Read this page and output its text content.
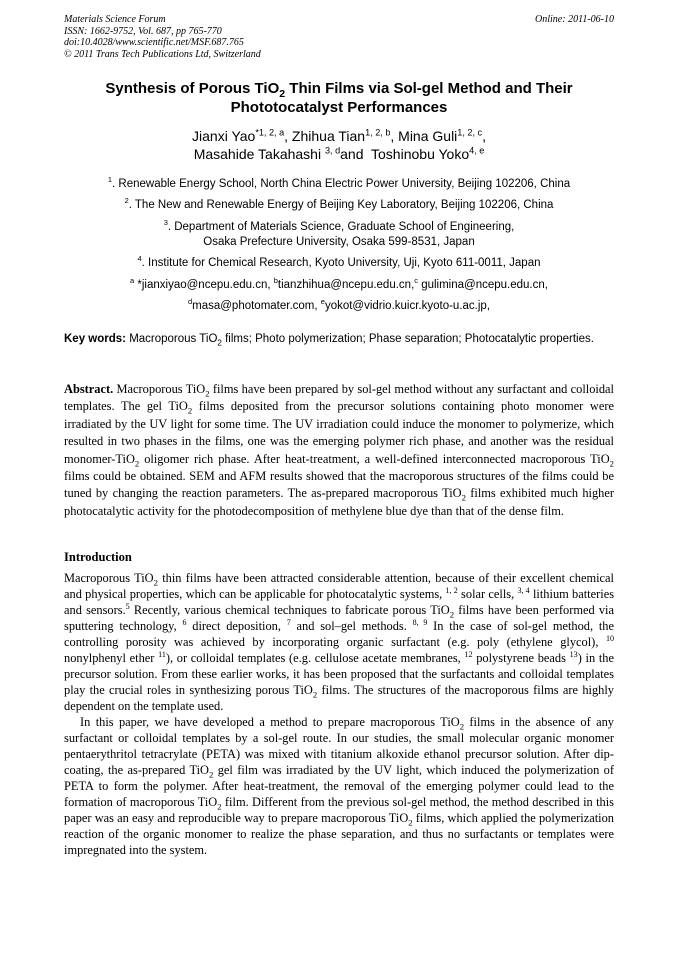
Materials Science Forum
ISSN: 1662-9752, Vol. 687, pp 765-770
doi:10.4028/www.scientific.net/MSF.687.765
© 2011 Trans Tech Publications Ltd, Switzerland
Online: 2011-06-10
Synthesis of Porous TiO$_2$ Thin Films via Sol-gel Method and Their Phototocatalyst Performances
Jianxi Yao$^{*1, 2, a}$, Zhihua Tian$^{1, 2, b}$, Mina Guli$^{1, 2, c}$,
Masahide Takahashi $^{3, d}$and  Toshinobu Yoko$^{4, e}$
$^1$. Renewable Energy School, North China Electric Power University, Beijing 102206, China
$^2$. The New and Renewable Energy of Beijing Key Laboratory, Beijing 102206, China
$^3$. Department of Materials Science, Graduate School of Engineering,
Osaka Prefecture University, Osaka 599-8531, Japan
$^4$. Institute for Chemical Research, Kyoto University, Uji, Kyoto 611-0011, Japan
$^a$ *jianxiyao@ncepu.edu.cn, $^b$tianzhihua@ncepu.edu.cn,$^c$ gulimina@ncepu.edu.cn,
$^d$masa@photomater.com, $^e$yokot@vidrio.kuicr.kyoto-u.ac.jp,
Key words: Macroporous TiO$_2$ films; Photo polymerization; Phase separation; Photocatalytic properties.
Abstract. Macroporous TiO$_2$ films have been prepared by sol-gel method without any surfactant and colloidal templates. The gel TiO$_2$ films deposited from the precursor solutions containing photo monomer were irradiated by the UV light for some time. The UV irradiation could induce the monomer to polymerize, which resulted in two phases in the films, one was the emerging polymer rich phase, and another was the residual monomer-TiO$_2$ oligomer rich phase. After heat-treatment, a well-defined interconnected macroporous TiO$_2$ films could be obtained. SEM and AFM results showed that the macroporous structures of the films could be tuned by changing the reaction parameters. The as-prepared macroporous TiO$_2$ films exhibited much higher photocatalytic activity for the photodecomposition of methylene blue dye than that of the dense film.
Introduction
Macroporous TiO$_2$ thin films have been attracted considerable attention, because of their excellent chemical and physical properties, which can be applicable for photocatalytic systems, $^{1, 2}$ solar cells, $^{3, 4}$ lithium batteries and sensors.$^5$ Recently, various chemical techniques to fabricate porous TiO$_2$ films have been performed via sputtering technology, $^6$ direct deposition, $^7$ and sol–gel methods. $^{8, 9}$ In the case of sol-gel method, the controlling porosity was achieved by incorporating organic surfactant (e.g. poly (ethylene glycol), $^{10}$ nonylphenyl ether $^{11}$), or colloidal templates (e.g. cellulose acetate membranes, $^{12}$ polystyrene beads $^{13}$) in the precursor solution. From these earlier works, it has been proposed that the surfactants and colloidal templates play the crucial roles in synthesizing porous TiO$_2$ films. The structures of the macroporous films are highly dependent on the template used.
In this paper, we have developed a method to prepare macroporous TiO$_2$ films in the absence of any surfactant or colloidal templates by a sol-gel route. In our studies, the small molecular organic monomer pentaerythritol tetracrylate (PETA) was mixed with titanium alkoxide ethanol precursor solution. After dip-coating, the as-prepared TiO$_2$ gel film was irradiated by the UV light, which induced the polymerization of PETA to form the polymer. After heat-treatment, the removal of the emerging polymer could lead to the formation of macroporous TiO$_2$ film. Different from the previous sol-gel method, the method described in this paper was an easy and reproducible way to prepare macroporous TiO$_2$ films, which applied the polymerization reaction of the organic monomer to realize the phase separation, and thus no surfactants or templates were impregnated into the system.
